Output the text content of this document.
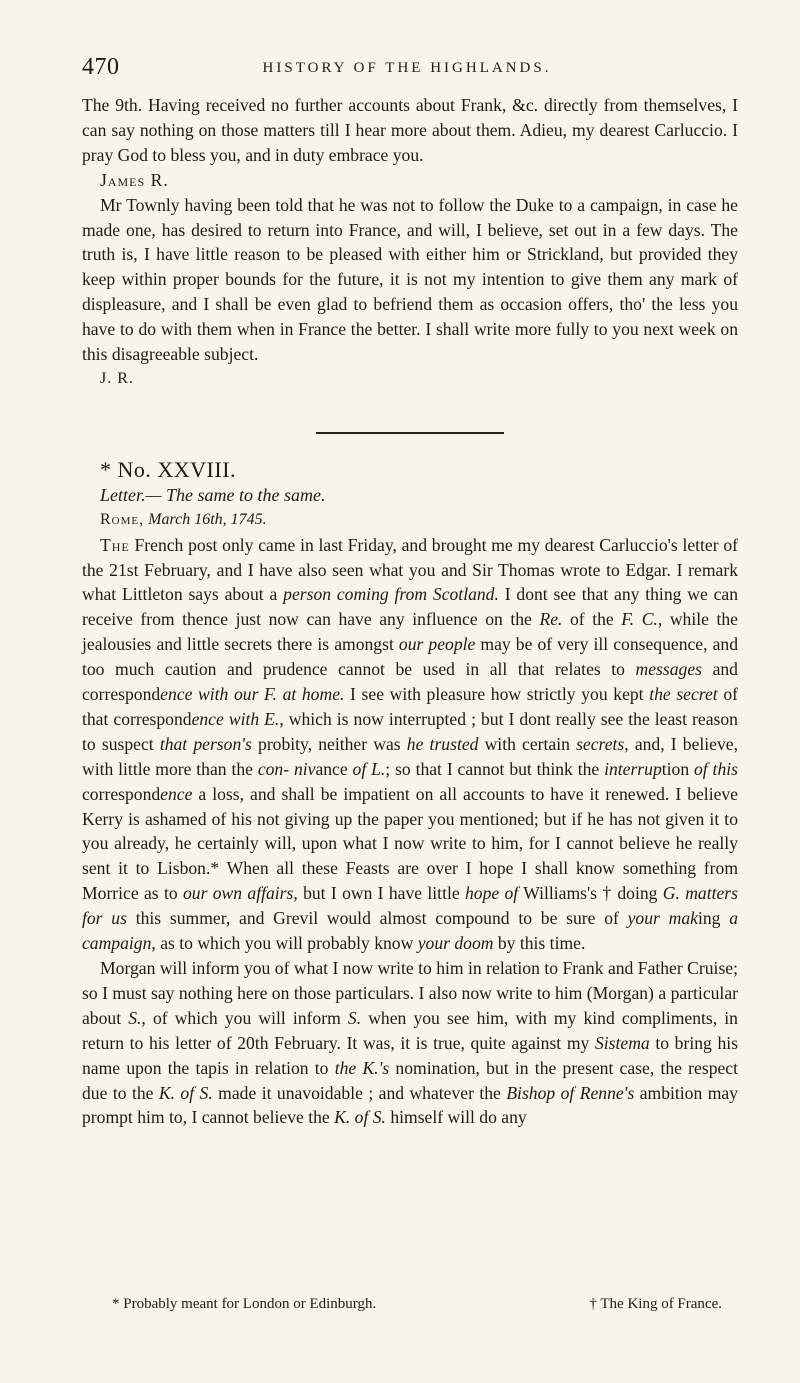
470	HISTORY OF THE HIGHLANDS.

The 9th. Having received no further accounts about Frank, &c. directly from themselves, I can say nothing on those matters till I hear more about them. Adieu, my dearest Carluccio. I pray God to bless you, and in duty embrace you.

James R.

Mr Townly having been told that he was not to follow the Duke to a campaign, in case he made one, has desired to return into France, and will, I believe, set out in a few days. The truth is, I have little reason to be pleased with either him or Strickland, but provided they keep within proper bounds for the future, it is not my intention to give them any mark of displeasure, and I shall be even glad to befriend them as occasion offers, tho' the less you have to do with them when in France the better. I shall write more fully to you next week on this disagreeable subject.

J. R.

* No. XXVIII.

Letter.— The same to the same.

Rome, March 16th, 1745.

The French post only came in last Friday, and brought me my dearest Carluccio's letter of the 21st February, and I have also seen what you and Sir Thomas wrote to Edgar. I remark what Littleton says about a person coming from Scotland. I dont see that any thing we can receive from thence just now can have any influence on the Re. of the F. C., while the jealousies and little secrets there is amongst our people may be of very ill consequence, and too much caution and prudence cannot be used in all that relates to messages and correspondence with our F. at home. I see with pleasure how strictly you kept the secret of that correspondence with E., which is now interrupted ; but I dont really see the least reason to suspect that person's probity, neither was he trusted with certain secrets, and, I believe, with little more than the con- nivance of L.; so that I cannot but think the interruption of this correspondence a loss, and shall be impatient on all accounts to have it renewed. I believe Kerry is ashamed of his not giving up the paper you mentioned; but if he has not given it to you already, he certainly will, upon what I now write to him, for I cannot believe he really sent it to Lisbon.* When all these Feasts are over I hope I shall know something from Morrice as to our own affairs, but I own I have little hope of Williams's † doing G. matters for us this summer, and Grevil would almost compound to be sure of your making a campaign, as to which you will probably know your doom by this time.

Morgan will inform you of what I now write to him in relation to Frank and Father Cruise; so I must say nothing here on those particulars. I also now write to him (Morgan) a particular about S., of which you will inform S. when you see him, with my kind compliments, in return to his letter of 20th February. It was, it is true, quite against my Sistema to bring his name upon the tapis in relation to the K.'s nomination, but in the present case, the respect due to the K. of S. made it unavoidable ; and whatever the Bishop of Renne's ambition may prompt him to, I cannot believe the K. of S. himself will do any

* Probably meant for London or Edinburgh.	† The King of France.
